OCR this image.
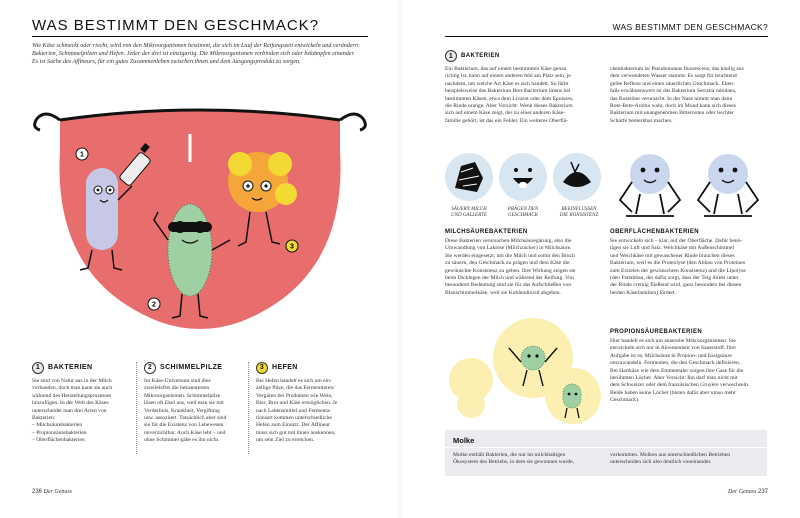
WAS BESTIMMT DEN GESCHMACK?
Wie Käse schmeckt oder riecht, wird von den Mikroorganismen bestimmt, die sich im Lauf der Reifungszeit entwickeln und verändern: Bakterien, Schimmelpilzen und Hefen. Jeder der drei ist einzigartig. Die Mikroorganismen verbinden sich oder bekämpfen einander. Es ist Sache des Affineurs, für ein gutes Zusammenleben zwischen ihnen und dem Ausgangsprodukt zu sorgen.
1
2
3
1	BAKTERIEN
Sie sind von Natur aus in der Milch
vorhanden, doch man kann sie auch
während des Herstellungsprozesses
hinzufügen. In der Welt des Käses
unterscheidet man drei Arten von
Bakterien:
– Milchsäurebakterien
– Propionsäurebakterien
– Oberflächenbakterien
2	SCHIMMELPILZE
Im Käse-Universum sind dies
zweifelsfrei die bekanntesten
Mikroorganismen. Schimmelpilze
lösen oft Ekel aus, weil man sie mit
Verderbnis, Krankheit, Vergiftung
usw. assoziiert. Tatsächlich aber sind
sie für die Existenz von Lebewesen
unverzichtbar. Auch Käse lebt – und
ohne Schimmel gäbe es ihn nicht.
3	HEFEN
Bei Hefen handelt es sich um ein-
zellige Pilze, die das Fermentieren/
Vergären bei Produkten wie Wein,
Bier, Brot und Käse ermöglichen. Je
nach Lebensmittel und Fermenta-
tionsart kommen unterschiedliche
Hefen zum Einsatz. Der Affineur
muss sich gut mit ihnen auskennen,
um sein Ziel zu erreichen.
236 Der Genuss
WAS BESTIMMT DEN GESCHMACK?
1	BAKTERIEN
Ein Bakterium, das auf einem bestimmten Käse genau
richtig ist, kann auf einem anderen fehl am Platz sein, je
nachdem, um welche Art Käse es sich handelt. So färbt
beispielsweise das Bakterium Brevibacterium linens bei
bestimmten Käsen, etwa dem Livarot oder dem Epoisses,
die Rinde orange. Aber Vorsicht: Wenn dieses Bakterium
sich auf einem Käse zeigt, der zu einer anderen Käse-
familie gehört, ist das ein Fehler. Ein weiteres Oberflä-
chenbakterium ist Pseudomonas fluorescens, das häufig aus
dem verwendeten Wasser stammt. Es sorgt für leuchtend
gelbe Reflexe und einen säuerlichen Geschmack. Eben-
falls erwähnenswert ist das Bakterium Serratia rubidaea,
das Rosetöne verursacht. In der Nase nimmt man dann
Rote-Bete-Aroma wahr, doch im Mund kann sich dieses
Bakterium mit unangenehmen Bitternoten oder leichter
Schärfe bemerkbar machen.
SÄUERN MILCH
UND GALLERTE
PRÄGEN DEN
GESCHMACK
BEEINFLUSSEN
DIE KONSISTENZ
MILCHSÄUREBAKTERIEN
Diese Bakterien verursachen Milchsäuregärung, also die
Umwandlung von Laktose (Milchzucker) in Milchsäure.
Sie werden eingesetzt, um die Milch und somit den Bruch
zu säuern, den Geschmack zu prägen und dem Käse die
gewünschte Konsistenz zu geben. Ihre Wirkung zeigen sie
beim Dicklegen der Milch und während der Reifung. Von
besonderer Bedeutung sind sie für das Aufschließen von
Blauschimmelkäse, weil sie Kohlendioxid abgeben.
OBERFLÄCHENBAKTERIEN
Sie entwickeln sich – klar, auf der Oberfläche. Dafür benö-
tigen sie Luft und Salz. Weichkäse mit Außenschimmel
und Weichkäse mit gewaschener Rinde brauchen dieses
Bakterium, weil es die Proteolyse (den Abbau von Proteinen
zum Erzielen der gewünschten Konsistenz) und die Lipolyse
(den Fettabbau, der dafür sorgt, dass der Teig direkt unter
der Rinde cremig fließend wird, ganz besonders bei diesen
beiden Käsefamilien) fördert.
PROPIONSÄUREBAKTERIEN
Hier handelt es sich um anaerobe Mikroorganismen: Sie
entwickeln sich nur in Abwesenheit von Sauerstoff. Ihre
Aufgabe ist es, Milchsäure in Propion- und Essigsäure
umzuwandeln. Fermenten, die den Geschmack definieren.
Bei Hartkäse wie dem Emmentaler sorgen ihre Gase für die
berühmten Löcher. Aber Vorsicht: Ihn darf man nicht mit
dem Schweizer oder dem französischen Gruyère verwechseln.
Beide haben keine Löcher (bisten dafür aber umso mehr
Geschmack).
Molke
Molke enthält Bakterien, die nur im milchhaltigen
Ökosystem des Betriebs, in dem sie gewonnen wurde,
vorkommen. Molken aus unterschiedlichen Betrieben
unterscheiden sich also deutlich voneinander.
Der Genuss 237
